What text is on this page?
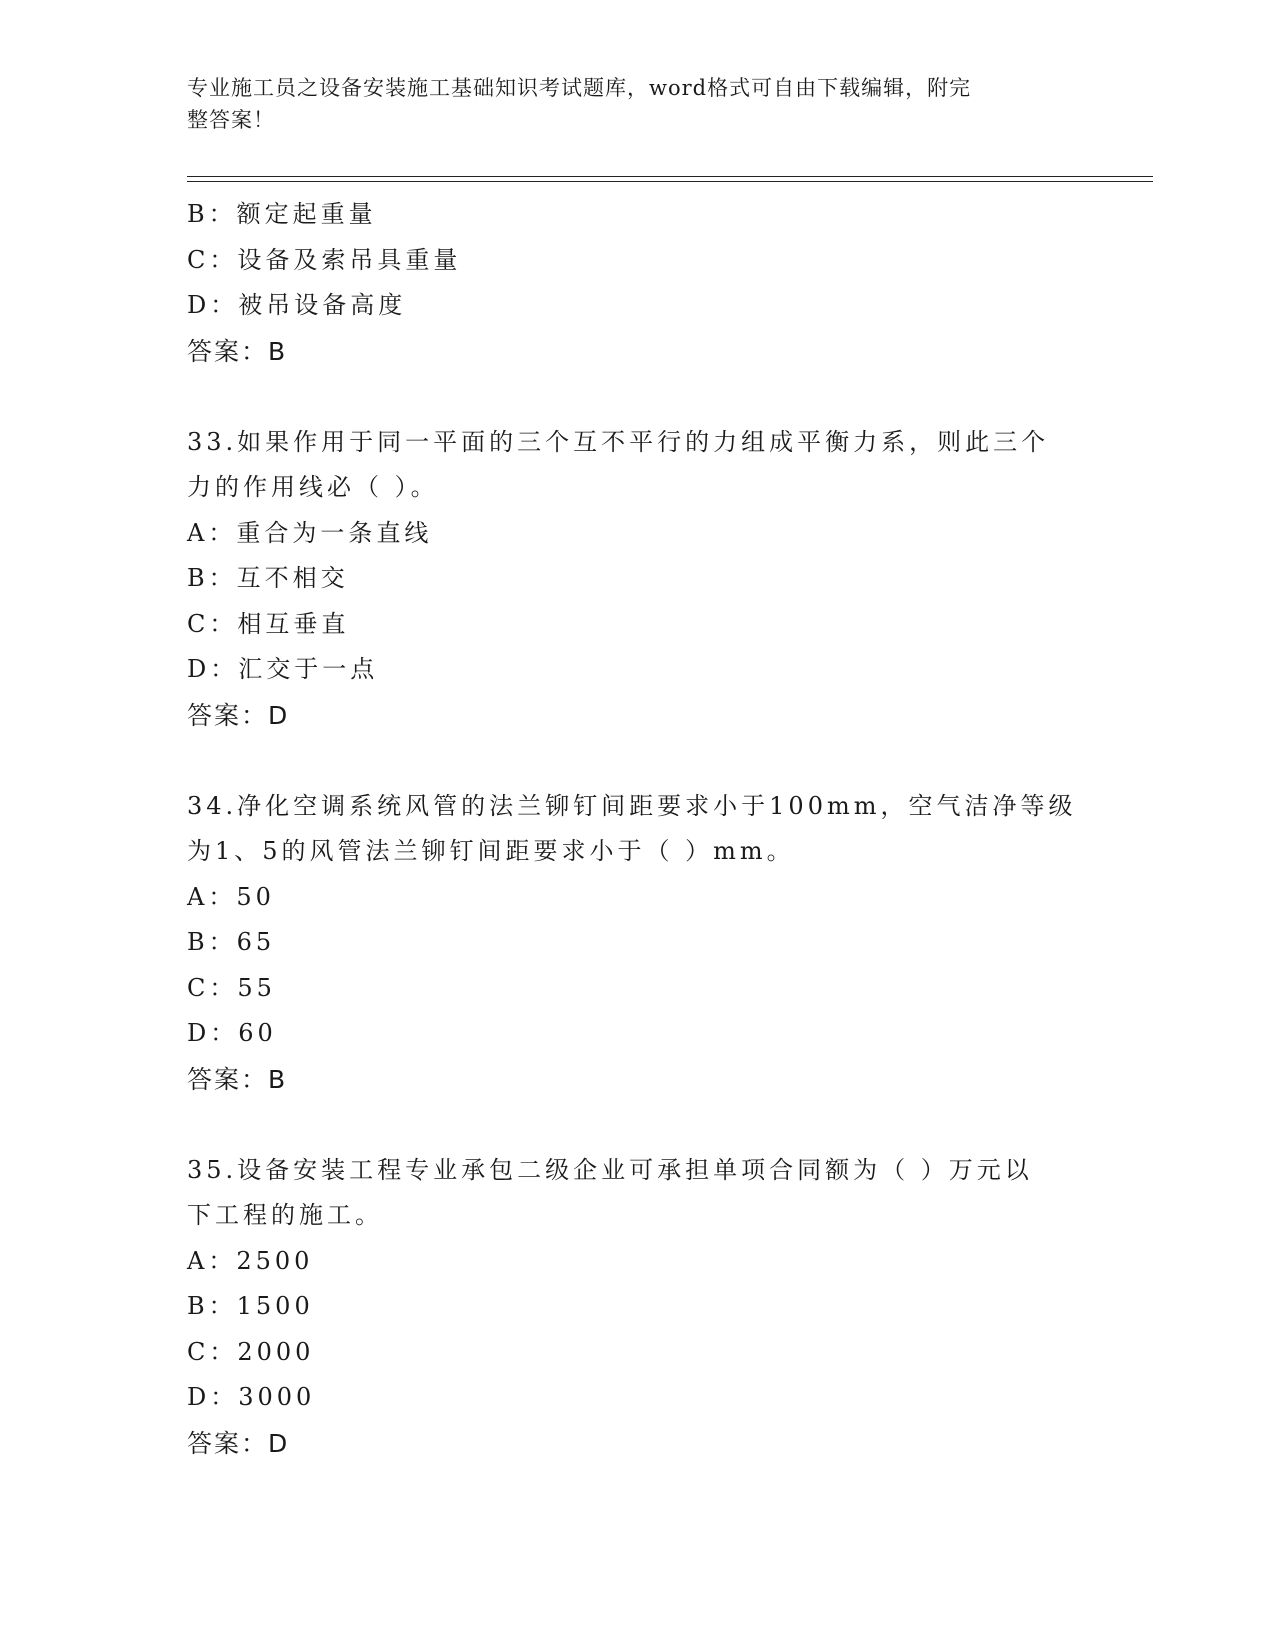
专业施工员之设备安装施工基础知识考试题库，word格式可自由下载编辑，附完
整答案！
B：额定起重量
C：设备及索吊具重量
D：被吊设备高度
答案：B
33.如果作用于同一平面的三个互不平行的力组成平衡力系，则此三个
力的作用线必（ ）。
A：重合为一条直线
B：互不相交
C：相互垂直
D：汇交于一点
答案：D
34.净化空调系统风管的法兰铆钉间距要求小于100mm，空气洁净等级
为1、5的风管法兰铆钉间距要求小于（ ）mm。
A：50
B：65
C：55
D：60
答案：B
35.设备安装工程专业承包二级企业可承担单项合同额为（ ）万元以
下工程的施工。
A：2500
B：1500
C：2000
D：3000
答案：D
